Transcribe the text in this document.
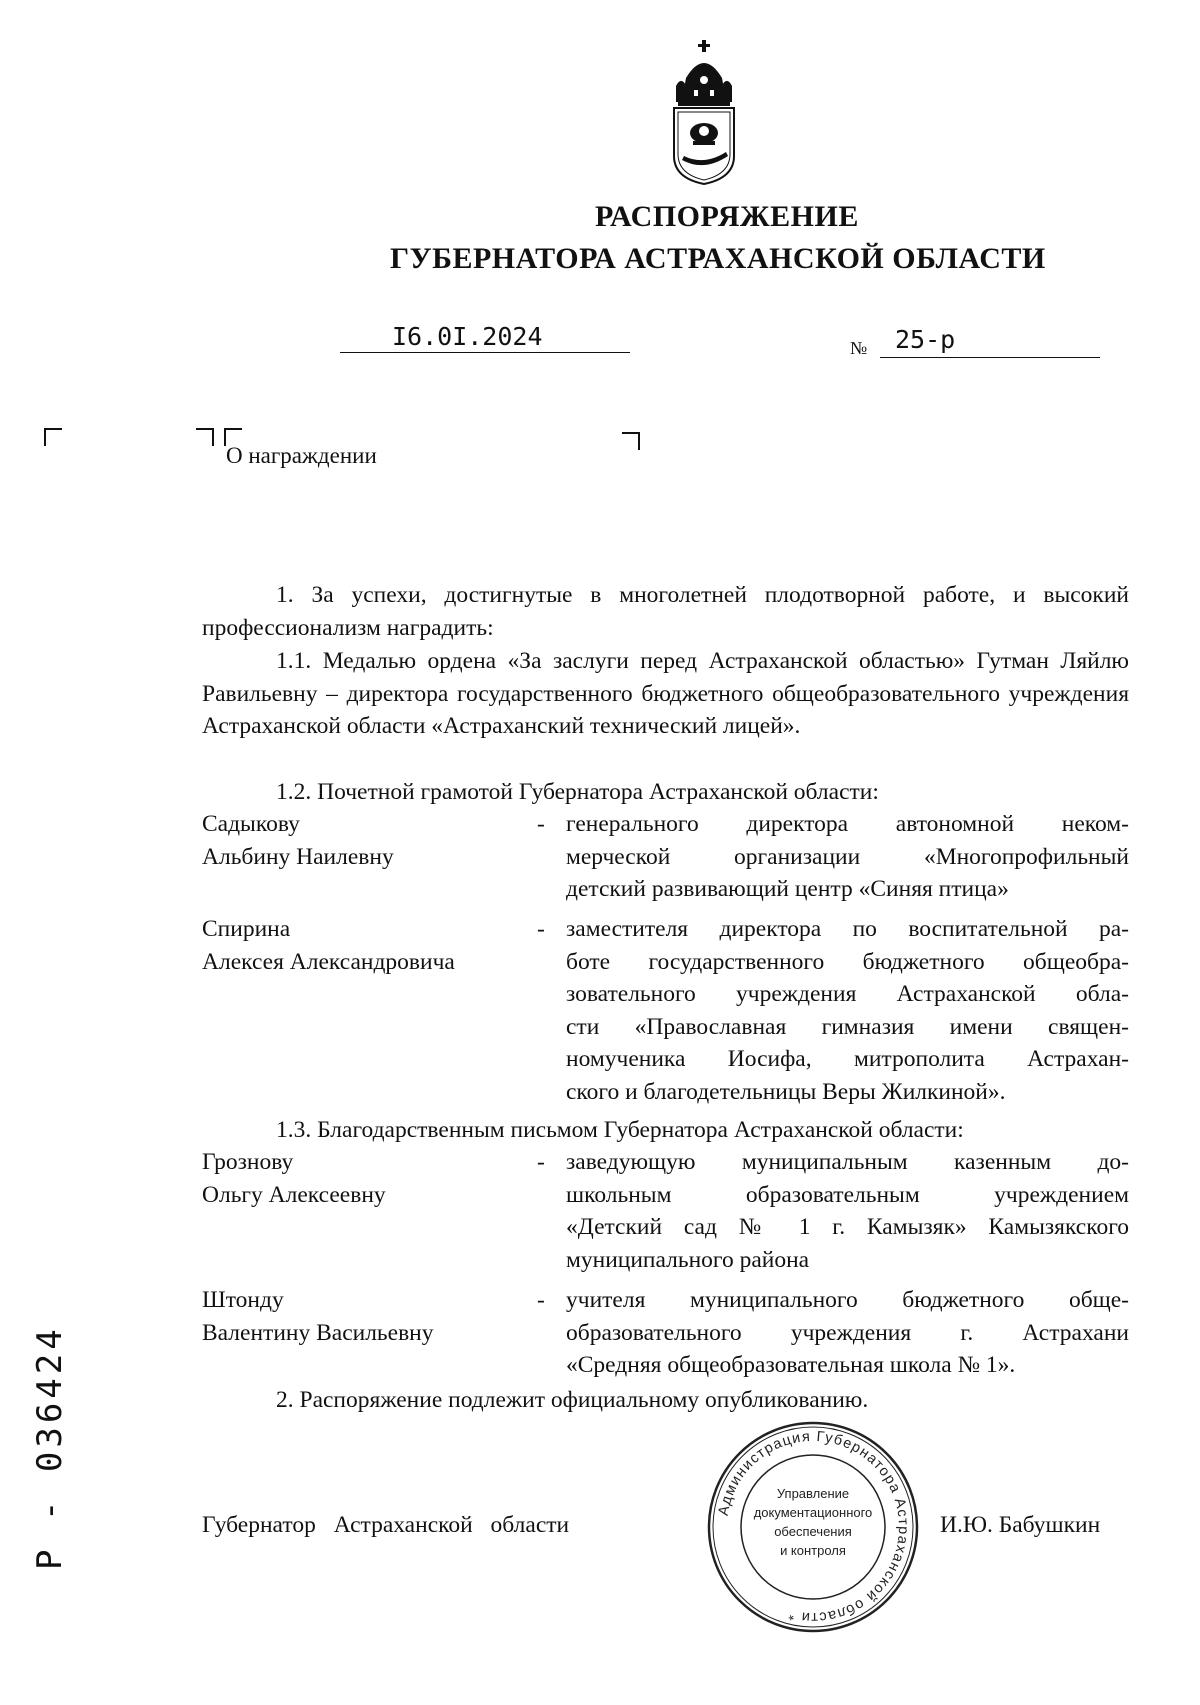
РАСПОРЯЖЕНИЕ
ГУБЕРНАТОРА АСТРАХАНСКОЙ ОБЛАСТИ
I6.0I.2024	№ 25-р
О награждении
1. За успехи, достигнутые в многолетней плодотворной работе, и высокий профессионализм наградить:
1.1. Медалью ордена «За заслуги перед Астраханской областью» Гутман Ляйлю Равильевну – директора государственного бюджетного общеобразовательного учреждения Астраханской области «Астраханский технический лицей».
1.2. Почетной грамотой Губернатора Астраханской области:
Садыкову
Альбину Наилевну
- генерального директора автономной неком-
мерческой организации «Многопрофильный
детский развивающий центр «Синяя птица»
Спирина
Алексея Александровича
- заместителя директора по воспитательной ра-
боте государственного бюджетного общеобра-
зовательного учреждения Астраханской обла-
сти «Православная гимназия имени священ-
номученика Иосифа, митрополита Астрахан-
ского и благодетельницы Веры Жилкиной».
1.3. Благодарственным письмом Губернатора Астраханской области:
Грознову
Ольгу Алексеевну
- заведующую муниципальным казенным до-
школьным образовательным учреждением
«Детский сад № 1 г. Камызяк» Камызякского
муниципального района
Штонду
Валентину Васильевну
- учителя муниципального бюджетного обще-
образовательного учреждения г. Астрахани
«Средняя общеобразовательная школа № 1».
2. Распоряжение подлежит официальному опубликованию.
Губернатор Астраханской области	И.Ю. Бабушкин
Администрация Губернатора Астраханской области *
Управление
документационного
обеспечения
и контроля
Р - 036424
